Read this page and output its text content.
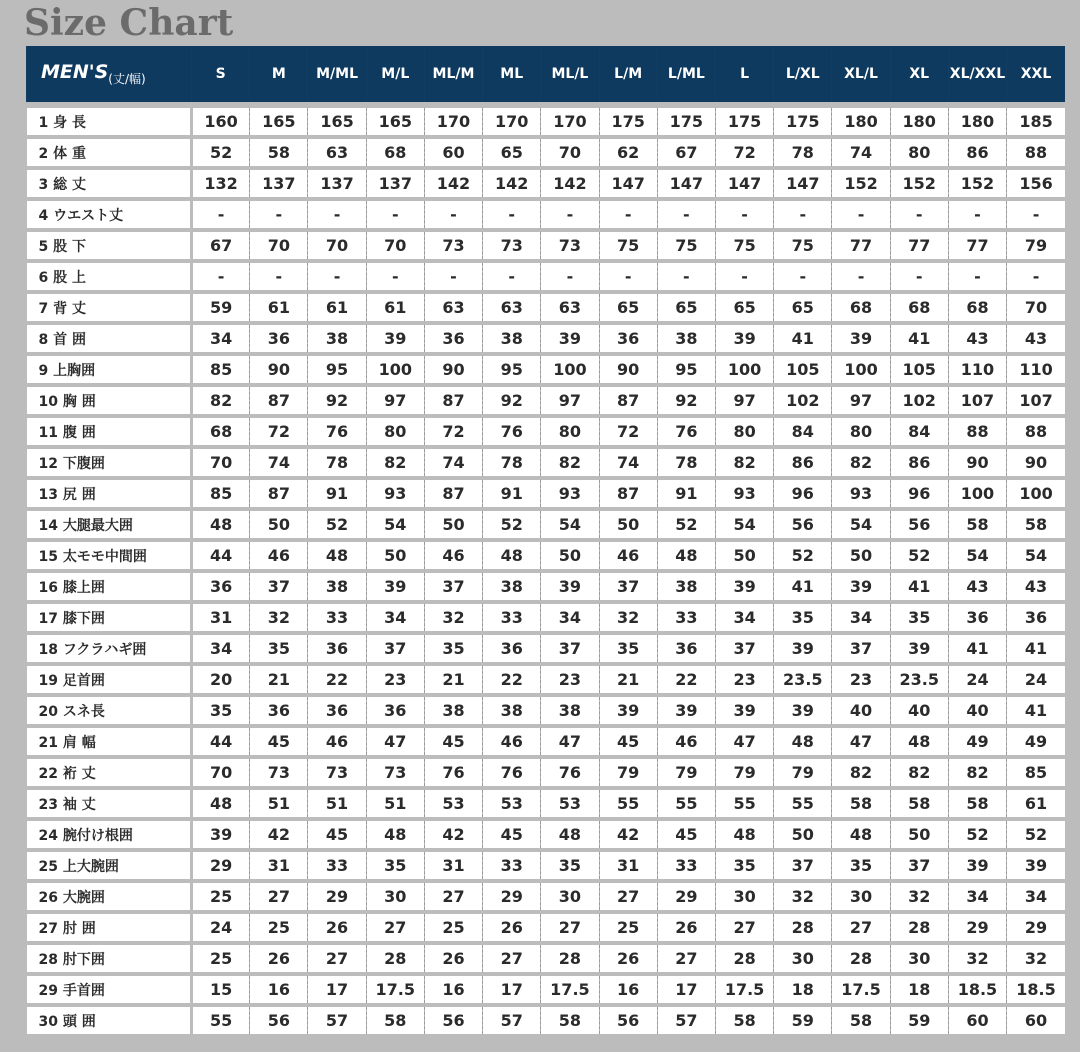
Size Chart
$MEN'S_{(丈/幅)}$	S	M	M/ML	M/L	ML/M	ML	ML/L	L/M	L/ML	L	L/XL	XL/L	XL	XL/XXL	XXL
1 身 長	160	165	165	165	170	170	170	175	175	175	175	180	180	180	185
2 体 重	52	58	63	68	60	65	70	62	67	72	78	74	80	86	88
3 総 丈	132	137	137	137	142	142	142	147	147	147	147	152	152	152	156
4 ウエスト丈	-	-	-	-	-	-	-	-	-	-	-	-	-	-	-
5 股 下	67	70	70	70	73	73	73	75	75	75	75	77	77	77	79
6 股 上	-	-	-	-	-	-	-	-	-	-	-	-	-	-	-
7 背 丈	59	61	61	61	63	63	63	65	65	65	65	68	68	68	70
8 首 囲	34	36	38	39	36	38	39	36	38	39	41	39	41	43	43
9 上胸囲	85	90	95	100	90	95	100	90	95	100	105	100	105	110	110
10 胸 囲	82	87	92	97	87	92	97	87	92	97	102	97	102	107	107
11 腹 囲	68	72	76	80	72	76	80	72	76	80	84	80	84	88	88
12 下腹囲	70	74	78	82	74	78	82	74	78	82	86	82	86	90	90
13 尻 囲	85	87	91	93	87	91	93	87	91	93	96	93	96	100	100
14 大腿最大囲	48	50	52	54	50	52	54	50	52	54	56	54	56	58	58
15 太モモ中間囲	44	46	48	50	46	48	50	46	48	50	52	50	52	54	54
16 膝上囲	36	37	38	39	37	38	39	37	38	39	41	39	41	43	43
17 膝下囲	31	32	33	34	32	33	34	32	33	34	35	34	35	36	36
18 フクラハギ囲	34	35	36	37	35	36	37	35	36	37	39	37	39	41	41
19 足首囲	20	21	22	23	21	22	23	21	22	23	23.5	23	23.5	24	24
20 スネ長	35	36	36	36	38	38	38	39	39	39	39	40	40	40	41
21 肩 幅	44	45	46	47	45	46	47	45	46	47	48	47	48	49	49
22 裄 丈	70	73	73	73	76	76	76	79	79	79	79	82	82	82	85
23 袖 丈	48	51	51	51	53	53	53	55	55	55	55	58	58	58	61
24 腕付け根囲	39	42	45	48	42	45	48	42	45	48	50	48	50	52	52
25 上大腕囲	29	31	33	35	31	33	35	31	33	35	37	35	37	39	39
26 大腕囲	25	27	29	30	27	29	30	27	29	30	32	30	32	34	34
27 肘 囲	24	25	26	27	25	26	27	25	26	27	28	27	28	29	29
28 肘下囲	25	26	27	28	26	27	28	26	27	28	30	28	30	32	32
29 手首囲	15	16	17	17.5	16	17	17.5	16	17	17.5	18	17.5	18	18.5	18.5
30 頭 囲	55	56	57	58	56	57	58	56	57	58	59	58	59	60	60
